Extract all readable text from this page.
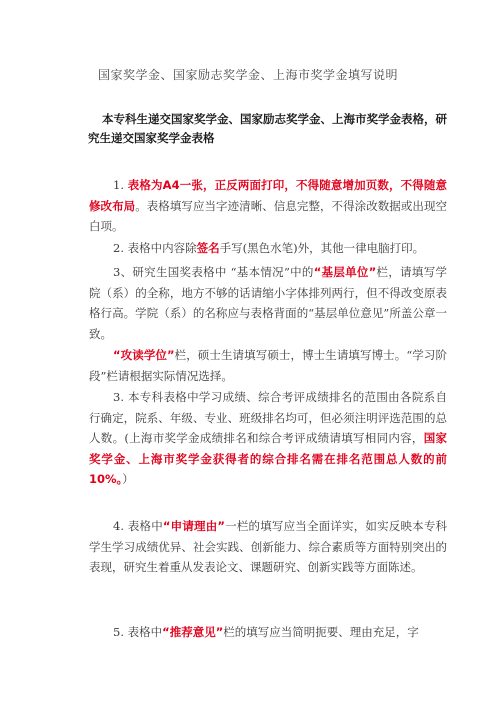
国家奖学金、国家励志奖学金、上海市奖学金填写说明

本专科生递交国家奖学金、国家励志奖学金、上海市奖学金表格，研究生递交国家奖学金表格

1. 表格为A4一张，正反两面打印，不得随意增加页数，不得随意修改布局。表格填写应当字迹清晰、信息完整，不得涂改数据或出现空白项。

2. 表格中内容除签名手写(黑色水笔)外，其他一律电脑打印。

3、研究生国奖表格中 “基本情况”中的“基层单位”栏，请填写学院（系）的全称，地方不够的话请缩小字体排列两行，但不得改变原表格行高。学院（系）的名称应与表格背面的“基层单位意见”所盖公章一致。

“攻读学位”栏，硕士生请填写硕士，博士生请填写博士。“学习阶段”栏请根据实际情况选择。

3. 本专科表格中学习成绩、综合考评成绩排名的范围由各院系自行确定，院系、年级、专业、班级排名均可，但必须注明评选范围的总人数。(上海市奖学金成绩排名和综合考评成绩请填写相同内容，国家奖学金、上海市奖学金获得者的综合排名需在排名范围总人数的前10%。）

4. 表格中“申请理由”一栏的填写应当全面详实，如实反映本专科学生学习成绩优异、社会实践、创新能力、综合素质等方面特别突出的表现，研究生着重从发表论文、课题研究、创新实践等方面陈述。

5. 表格中“推荐意见”栏的填写应当简明扼要、理由充足，字
